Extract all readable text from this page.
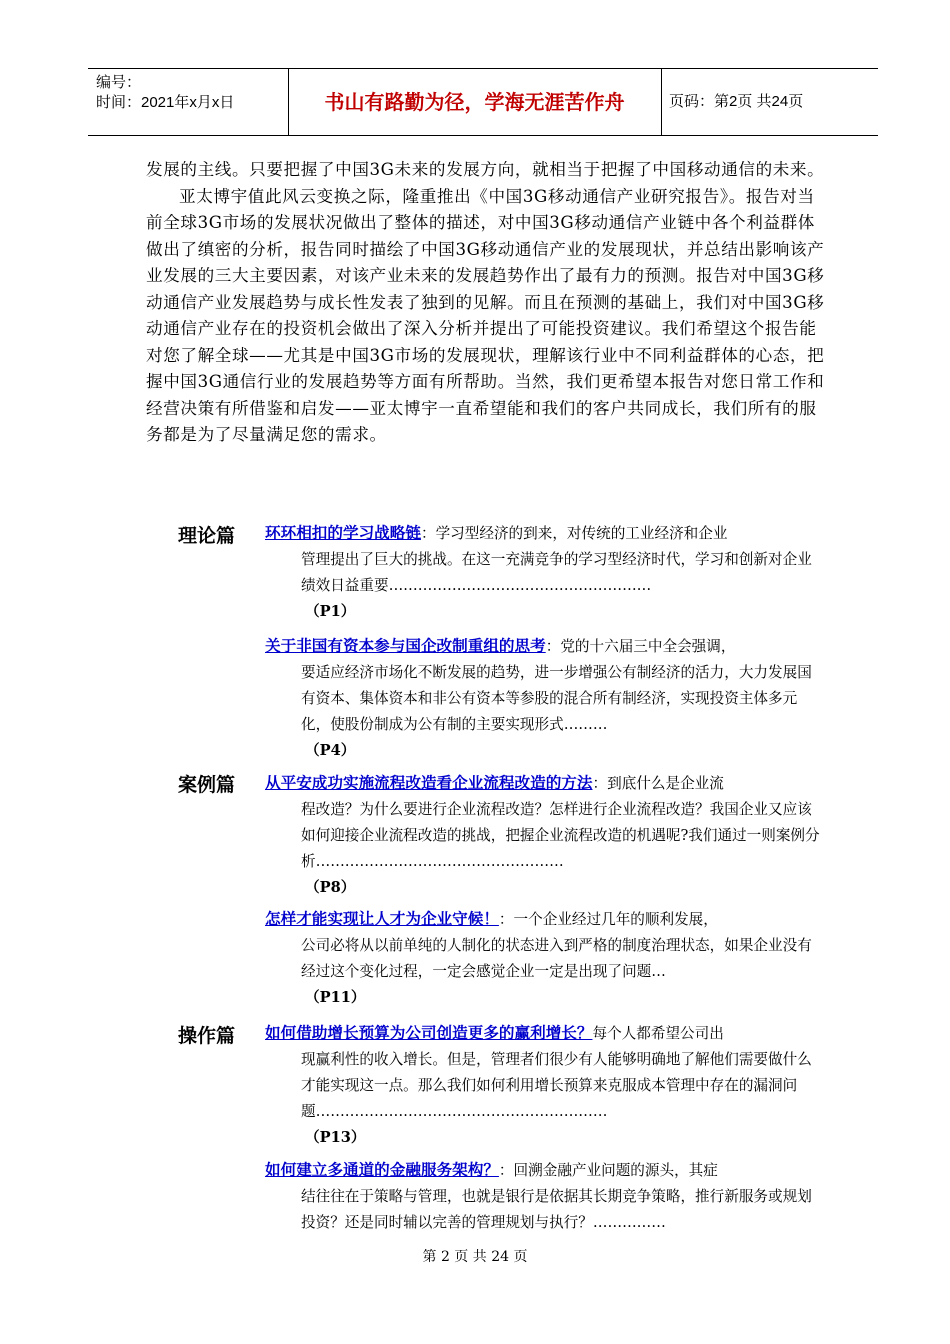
编号：
时间：2021年x月x日	书山有路勤为径，学海无涯苦作舟	页码：第2页 共24页

发展的主线。只要把握了中国3G未来的发展方向，就相当于把握了中国移动通信的未来。

亚太博宇值此风云变换之际，隆重推出《中国3G移动通信产业研究报告》。报告对当前全球3G市场的发展状况做出了整体的描述，对中国3G移动通信产业链中各个利益群体做出了缜密的分析，报告同时描绘了中国3G移动通信产业的发展现状，并总结出影响该产业发展的三大主要因素，对该产业未来的发展趋势作出了最有力的预测。报告对中国3G移动通信产业发展趋势与成长性发表了独到的见解。而且在预测的基础上，我们对中国3G移动通信产业存在的投资机会做出了深入分析并提出了可能投资建议。我们希望这个报告能对您了解全球——尤其是中国3G市场的发展现状，理解该行业中不同利益群体的心态，把握中国3G通信行业的发展趋势等方面有所帮助。当然，我们更希望本报告对您日常工作和经营决策有所借鉴和启发——亚太博宇一直希望能和我们的客户共同成长，我们所有的服务都是为了尽量满足您的需求。

理论篇 环环相扣的学习战略链：学习型经济的到来，对传统的工业经济和企业
管理提出了巨大的挑战。在这一充满竞争的学习型经济时代，学习和创新对企业绩效日益重要………………………………………………
（P1）
关于非国有资本参与国企改制重组的思考：党的十六届三中全会强调，
要适应经济市场化不断发展的趋势，进一步增强公有制经济的活力，大力发展国有资本、集体资本和非公有资本等参股的混合所有制经济，实现投资主体多元化，使股份制成为公有制的主要实现形式………
（P4）
案例篇 从平安成功实施流程改造看企业流程改造的方法：到底什么是企业流
程改造？为什么要进行企业流程改造？怎样进行企业流程改造？我国企业又应该如何迎接企业流程改造的挑战，把握企业流程改造的机遇呢?我们通过一则案例分析……………………………………………
（P8）
怎样才能实现让人才为企业守候！：一个企业经过几年的顺利发展，
公司必将从以前单纯的人制化的状态进入到严格的制度治理状态，如果企业没有经过这个变化过程，一定会感觉企业一定是出现了问题…
（P11）
操作篇 如何借助增长预算为公司创造更多的赢利增长？每个人都希望公司出
现赢利性的收入增长。但是，管理者们很少有人能够明确地了解他们需要做什么才能实现这一点。那么我们如何利用增长预算来克服成本管理中存在的漏洞问题……………………………………………………
（P13）
如何建立多通道的金融服务架构？：回溯金融产业问题的源头，其症
结往往在于策略与管理，也就是银行是依据其长期竞争策略，推行新服务或规划投资？还是同时辅以完善的管理规划与执行？……………
第 2 页 共 24 页
